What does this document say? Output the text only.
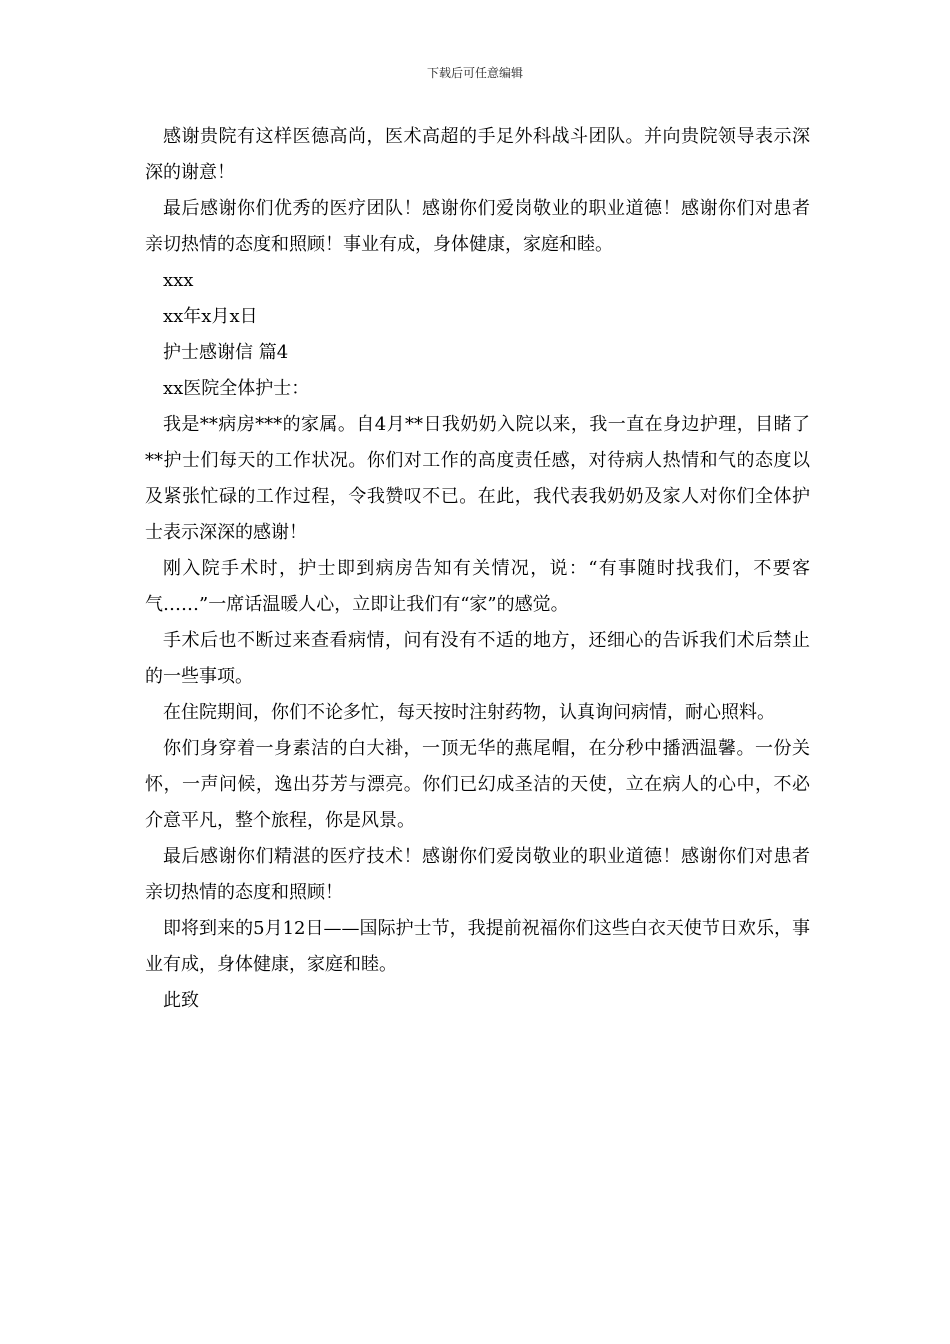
下载后可任意编辑

感谢贵院有这样医德高尚，医术高超的手足外科战斗团队。并向贵院领导表示深深的谢意！

最后感谢你们优秀的医疗团队！感谢你们爱岗敬业的职业道德！感谢你们对患者亲切热情的态度和照顾！事业有成，身体健康，家庭和睦。

xxx

xx年x月x日

护士感谢信 篇4

xx医院全体护士：

我是**病房***的家属。自4月**日我奶奶入院以来，我一直在身边护理，目睹了**护士们每天的工作状况。你们对工作的高度责任感，对待病人热情和气的态度以及紧张忙碌的工作过程，令我赞叹不已。在此，我代表我奶奶及家人对你们全体护士表示深深的感谢！

刚入院手术时，护士即到病房告知有关情况，说：“有事随时找我们，不要客气……”一席话温暖人心，立即让我们有“家”的感觉。

手术后也不断过来查看病情，问有没有不适的地方，还细心的告诉我们术后禁止的一些事项。

在住院期间，你们不论多忙，每天按时注射药物，认真询问病情，耐心照料。

你们身穿着一身素洁的白大褂，一顶无华的燕尾帽，在分秒中播洒温馨。一份关怀，一声问候，逸出芬芳与漂亮。你们已幻成圣洁的天使，立在病人的心中，不必介意平凡，整个旅程，你是风景。

最后感谢你们精湛的医疗技术！感谢你们爱岗敬业的职业道德！感谢你们对患者亲切热情的态度和照顾！

即将到来的5月12日——国际护士节，我提前祝福你们这些白衣天使节日欢乐，事业有成，身体健康，家庭和睦。

此致
